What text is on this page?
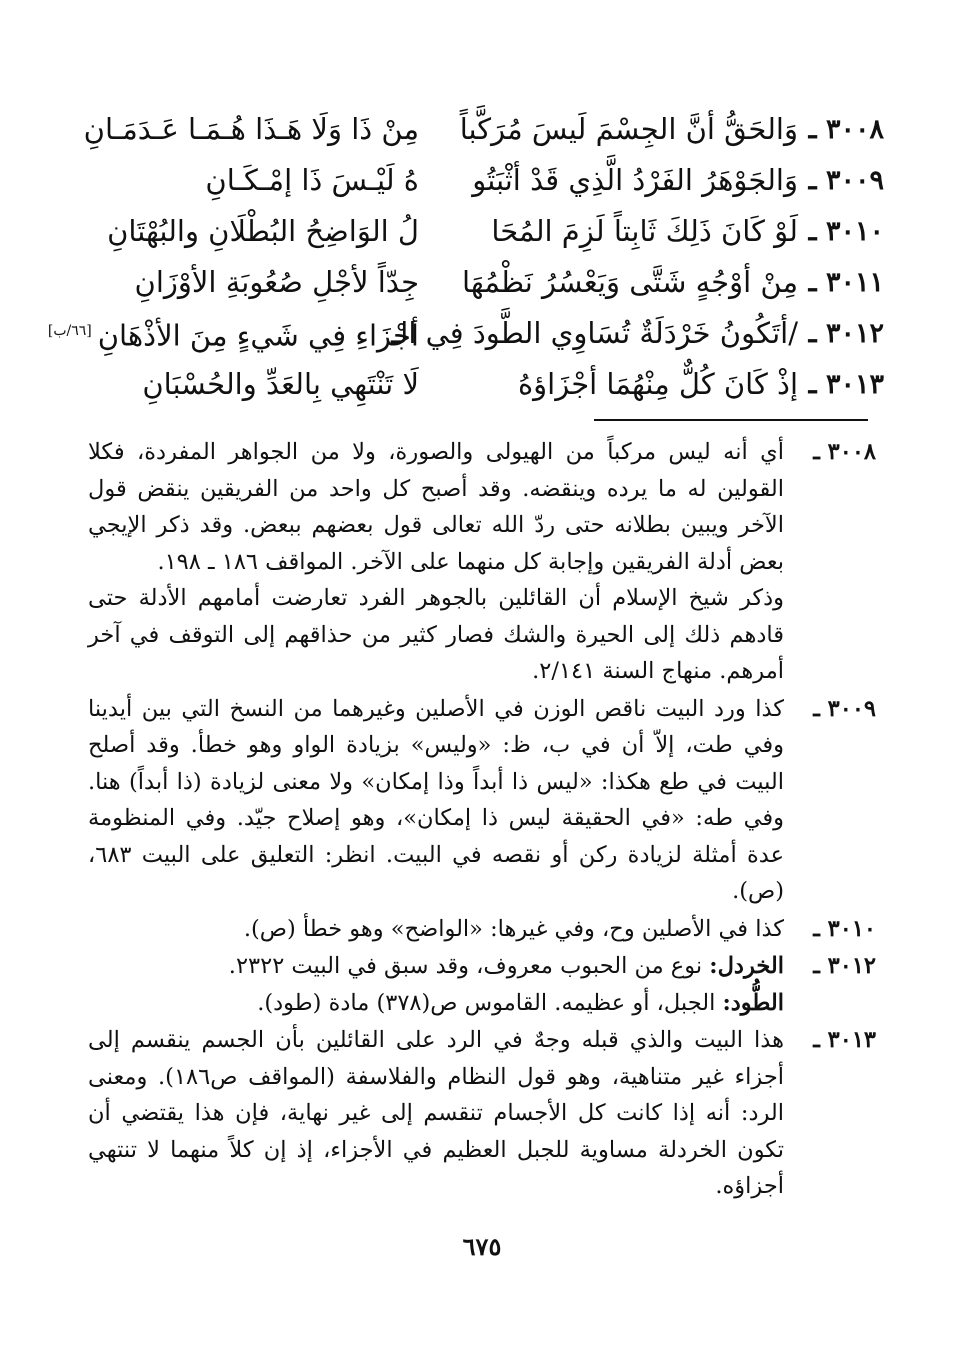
٣٠٠٨ ـ
وَالحَقُّ أنَّ الجِسْمَ لَيسَ مُرَكَّباً
مِنْ ذَا وَلَا هَـذَا هُـمَـا عَـدَمَـانِ
٣٠٠٩ ـ
وَالجَوْهَرُ الفَرْدُ الَّذِي قَدْ أثْبَتُو
هُ لَيْـسَ ذَا إمْـكَـانِ
٣٠١٠ ـ
لَوْ كَانَ ذَلِكَ ثَابِتاً لَزِمَ المُحَا
لُ الوَاضِحُ البُطْلَانِ والبُهْتَانِ
٣٠١١ ـ
مِنْ أوْجُهٍ شَتَّى وَيَعْسُرُ نَظْمُهَا
جِدّاً لأجْلِ صُعُوبَةِ الأوْزَانِ
٣٠١٢ ـ
/أتَكُونُ خَرْدَلَةٌ تُسَاوِي الطَّودَ فِي الـ
أجْزَاءِ فِي شَيءٍ مِنَ الأذْهَانِ[٦٦/ب]
٣٠١٣ ـ
إذْ كَانَ كُلٌّ مِنْهُمَا أجْزَاؤهُ
لَا تَنْتَهِي بِالعَدِّ والحُسْبَانِ
٣٠٠٨ ـ

أي أنه ليس مركباً من الهيولى والصورة، ولا من الجواهر المفردة، فكلا القولين له ما يرده وينقضه. وقد أصبح كل واحد من الفريقين ينقض قول الآخر ويبين بطلانه حتى ردّ الله تعالى قول بعضهم ببعض. وقد ذكر الإيجي بعض أدلة الفريقين وإجابة كل منهما على الآخر. المواقف ١٨٦ ـ ١٩٨.

وذكر شيخ الإسلام أن القائلين بالجوهر الفرد تعارضت أمامهم الأدلة حتى قادهم ذلك إلى الحيرة والشك فصار كثير من حذاقهم إلى التوقف في آخر أمرهم. منهاج السنة ٢/١٤١.

٣٠٠٩ ـ

كذا ورد البيت ناقص الوزن في الأصلين وغيرهما من النسخ التي بين أيدينا وفي طت، إلاّ أن في ب، ظ: «وليس» بزيادة الواو وهو خطأ. وقد أصلح البيت في طع هكذا: «ليس ذا أبداً وذا إمكان» ولا معنى لزيادة (ذا أبداً) هنا. وفي طه: «في الحقيقة ليس ذا إمكان»، وهو إصلاح جيّد. وفي المنظومة عدة أمثلة لزيادة ركن أو نقصه في البيت. انظر: التعليق على البيت ٦٨٣، (ص).

٣٠١٠ ـ

كذا في الأصلين وح، وفي غيرها: «الواضح» وهو خطأ (ص).

٣٠١٢ ـ

الخردل: نوع من الحبوب معروف، وقد سبق في البيت ٢٣٢٢.

الطُّود: الجبل، أو عظيمه. القاموس ص(٣٧٨) مادة (طود).

٣٠١٣ ـ

هذا البيت والذي قبله وجهٌ في الرد على القائلين بأن الجسم ينقسم إلى أجزاء غير متناهية، وهو قول النظام والفلاسفة (المواقف ص١٨٦). ومعنى الرد: أنه إذا كانت كل الأجسام تنقسم إلى غير نهاية، فإن هذا يقتضي أن تكون الخردلة مساوية للجبل العظيم في الأجزاء، إذ إن كلاً منهما لا تنتهي أجزاؤه.

٦٧٥
